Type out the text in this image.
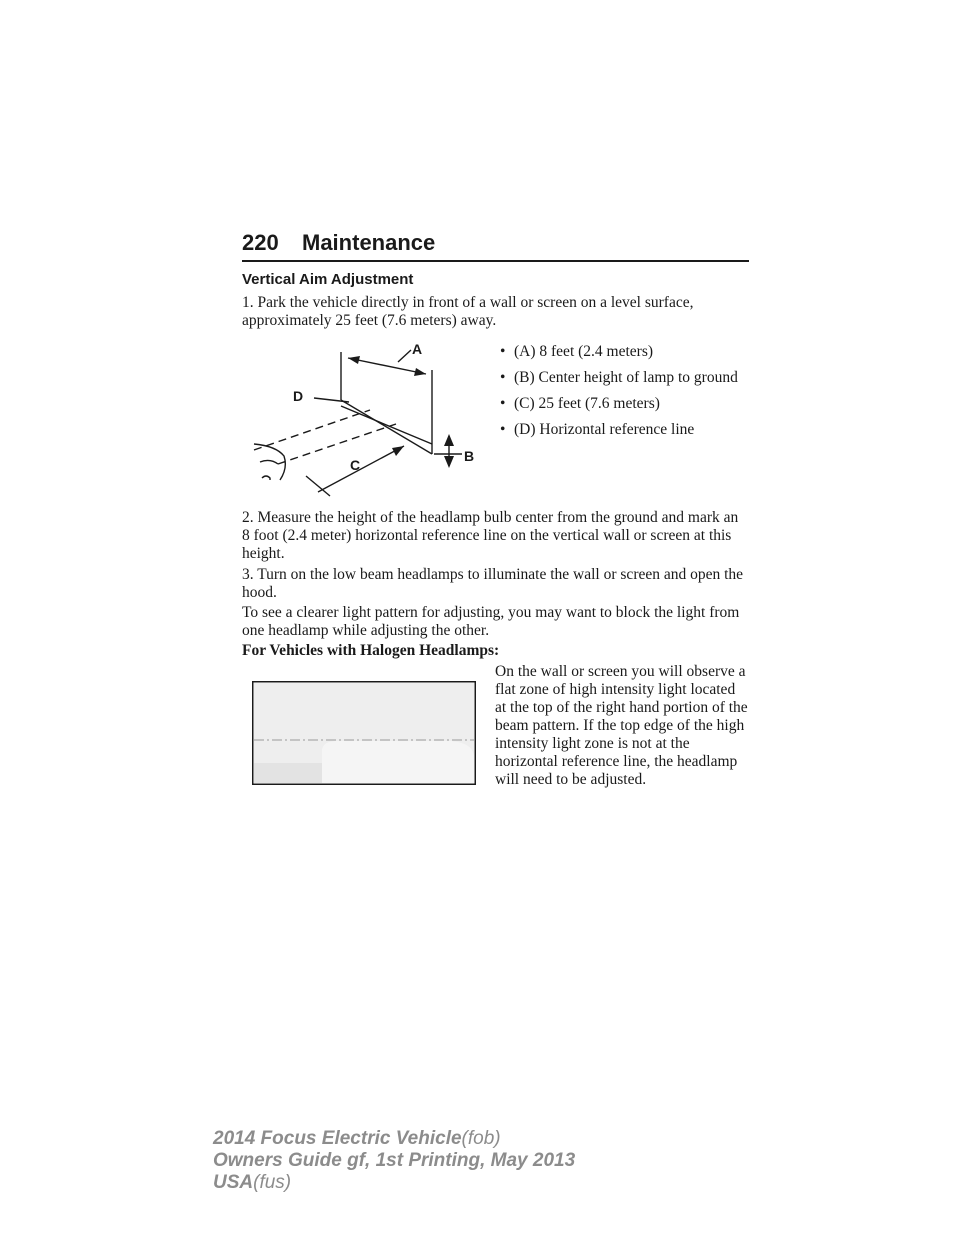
220 Maintenance
Vertical Aim Adjustment

1. Park the vehicle directly in front of a wall or screen on a level surface, approximately 25 feet (7.6 meters) away.

A
B
C
D
• (A) 8 feet (2.4 meters)
• (B) Center height of lamp to ground
• (C) 25 feet (7.6 meters)
• (D) Horizontal reference line

2. Measure the height of the headlamp bulb center from the ground and mark an 8 foot (2.4 meter) horizontal reference line on the vertical wall or screen at this height.

3. Turn on the low beam headlamps to illuminate the wall or screen and open the hood.

To see a clearer light pattern for adjusting, you may want to block the light from one headlamp while adjusting the other.

For Vehicles with Halogen Headlamps:

On the wall or screen you will observe a flat zone of high intensity light located at the top of the right hand portion of the beam pattern. If the top edge of the high intensity light zone is not at the horizontal reference line, the headlamp will need to be adjusted.

2014 Focus Electric Vehicle(fob)
Owners Guide gf, 1st Printing, May 2013
USA(fus)
